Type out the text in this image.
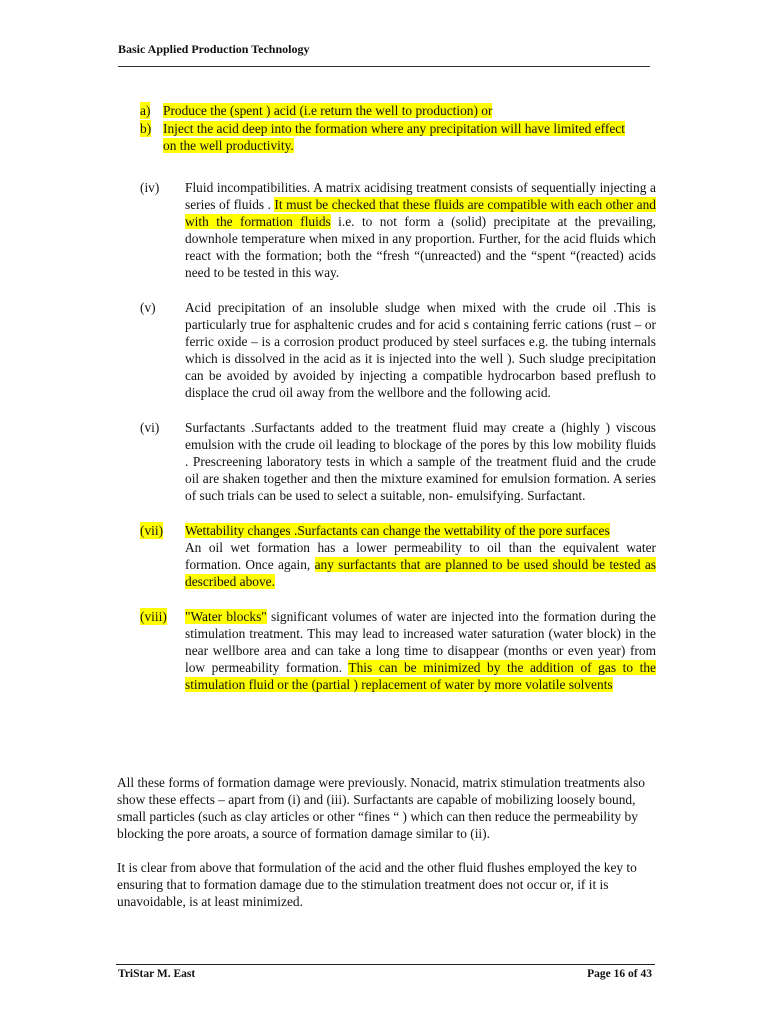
Basic Applied Production Technology
a) Produce the (spent ) acid (i.e return the well to production) or
b) Inject the acid deep into the formation where any precipitation will have limited effect on the well productivity.
(iv) Fluid incompatibilities. A matrix acidising treatment consists of sequentially injecting a series of fluids . It must be checked that these fluids are compatible with each other and with the formation fluids i.e. to not form a (solid) precipitate at the prevailing, downhole temperature when mixed in any proportion. Further, for the acid fluids which react with the formation; both the “fresh “(unreacted) and the “spent “(reacted) acids need to be tested in this way.
(v) Acid precipitation of an insoluble sludge when mixed with the crude oil .This is particularly true for asphaltenic crudes and for acid s containing ferric cations (rust – or ferric oxide – is a corrosion product produced by steel surfaces e.g. the tubing internals which is dissolved in the acid as it is injected into the well ). Such sludge precipitation can be avoided by avoided by injecting a compatible hydrocarbon based preflush to displace the crud oil away from the wellbore and the following acid.
(vi) Surfactants .Surfactants added to the treatment fluid may create a (highly ) viscous emulsion with the crude oil leading to blockage of the pores by this low mobility fluids . Prescreening laboratory tests in which a sample of the treatment fluid and the crude oil are shaken together and then the mixture examined for emulsion formation. A series of such trials can be used to select a suitable, non- emulsifying. Surfactant.
(vii) Wettability changes .Surfactants can change the wettability of the pore surfaces

An oil wet formation has a lower permeability to oil than the equivalent water formation. Once again, any surfactants that are planned to be used should be tested as described above.

(viii) "Water blocks" significant volumes of water are injected into the formation during the stimulation treatment. This may lead to increased water saturation (water block) in the near wellbore area and can take a long time to disappear (months or even year) from low permeability formation. This can be minimized by the addition of gas to the stimulation fluid or the (partial ) replacement of water by more volatile solvents

All these forms of formation damage were previously. Nonacid, matrix stimulation treatments also show these effects – apart from (i) and (iii). Surfactants are capable of mobilizing loosely bound, small particles (such as clay articles or other “fines “ ) which can then reduce the permeability by blocking the pore aroats, a source of formation damage similar to (ii).

It is clear from above that formulation of the acid and the other fluid flushes employed the key to ensuring that to formation damage due to the stimulation treatment does not occur or, if it is unavoidable, is at least minimized.

TriStar M. East	Page 16 of 43
